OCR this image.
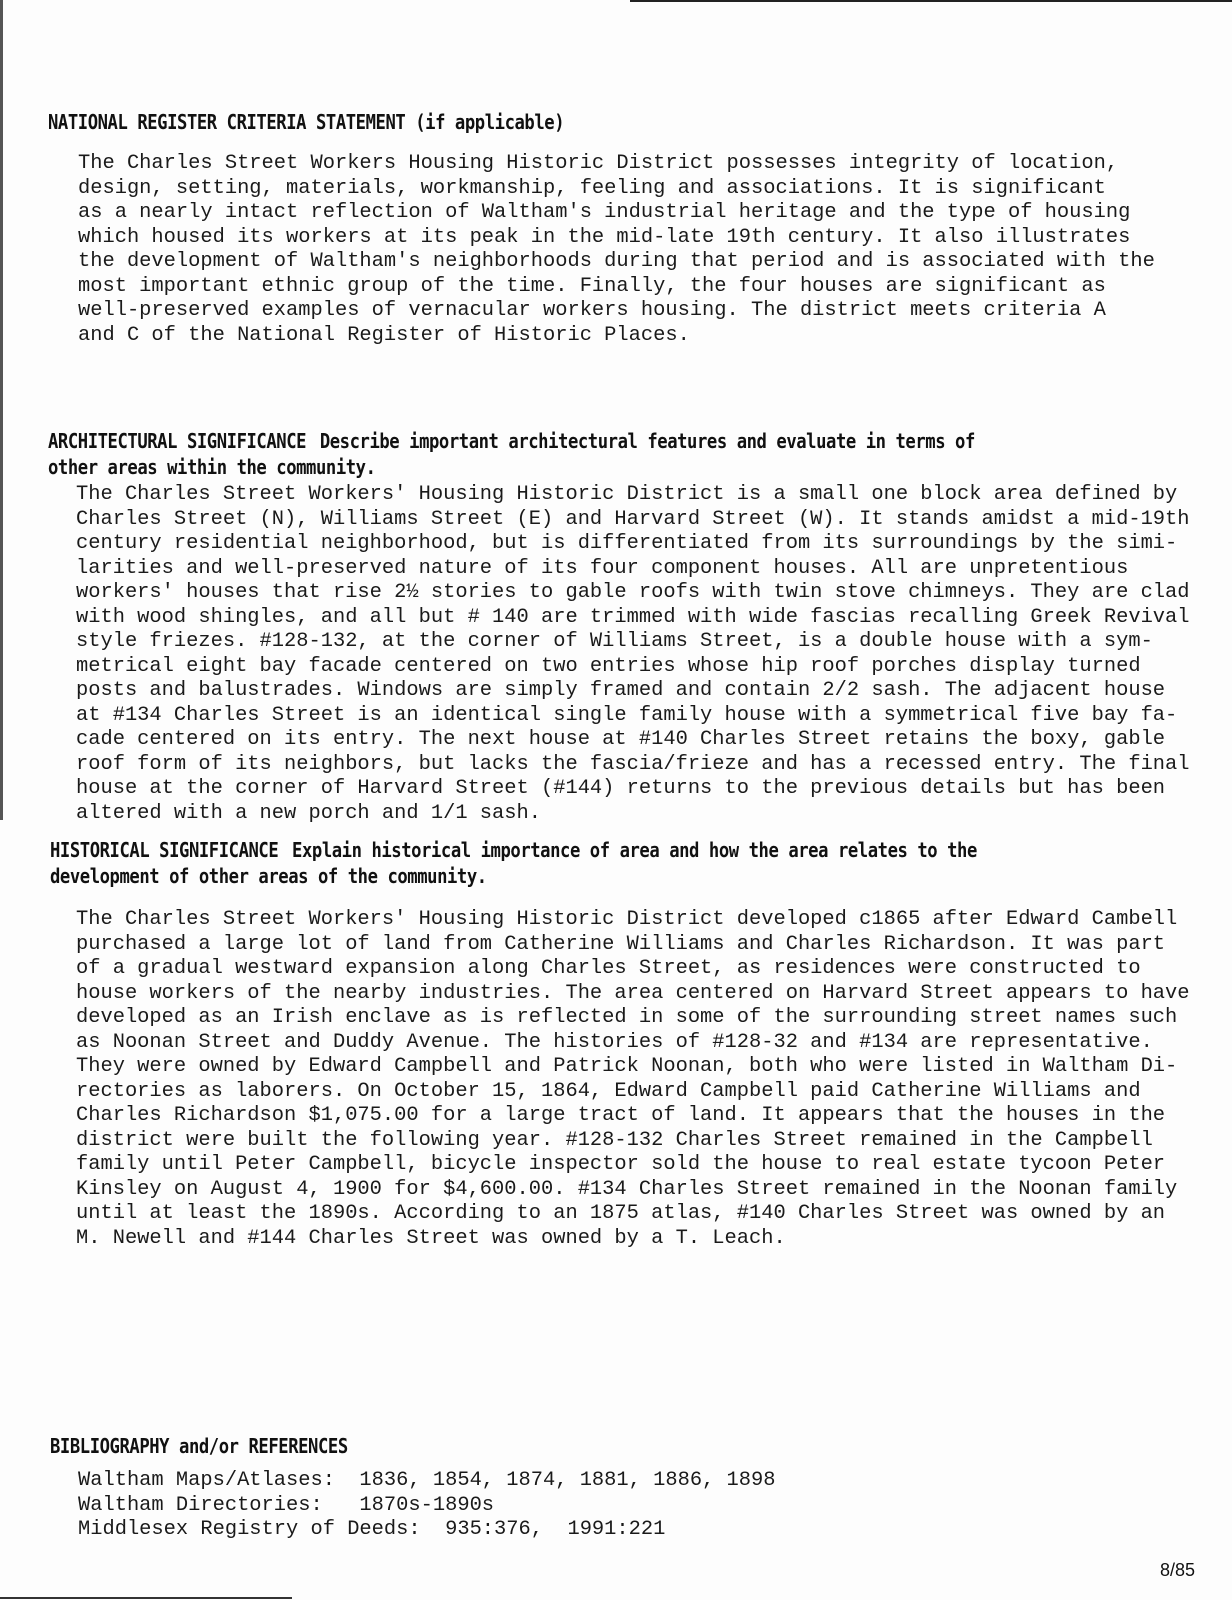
NATIONAL REGISTER CRITERIA STATEMENT (if applicable)
The Charles Street Workers Housing Historic District possesses integrity of location,
design, setting, materials, workmanship, feeling and associations. It is significant
as a nearly intact reflection of Waltham's industrial heritage and the type of housing
which housed its workers at its peak in the mid-late 19th century. It also illustrates
the development of Waltham's neighborhoods during that period and is associated with the
most important ethnic group of the time. Finally, the four houses are significant as
well-preserved examples of vernacular workers housing. The district meets criteria A
and C of the National Register of Historic Places.
ARCHITECTURAL SIGNIFICANCE Describe important architectural features and evaluate in terms of
other areas within the community.
The Charles Street Workers' Housing Historic District is a small one block area defined by
Charles Street (N), Williams Street (E) and Harvard Street (W). It stands amidst a mid-19th
century residential neighborhood, but is differentiated from its surroundings by the simi-
larities and well-preserved nature of its four component houses. All are unpretentious
workers' houses that rise 2½ stories to gable roofs with twin stove chimneys. They are clad
with wood shingles, and all but # 140 are trimmed with wide fascias recalling Greek Revival
style friezes. #128-132, at the corner of Williams Street, is a double house with a sym-
metrical eight bay facade centered on two entries whose hip roof porches display turned
posts and balustrades. Windows are simply framed and contain 2/2 sash. The adjacent house
at #134 Charles Street is an identical single family house with a symmetrical five bay fa-
cade centered on its entry. The next house at #140 Charles Street retains the boxy, gable
roof form of its neighbors, but lacks the fascia/frieze and has a recessed entry. The final
house at the corner of Harvard Street (#144) returns to the previous details but has been
altered with a new porch and 1/1 sash.
HISTORICAL SIGNIFICANCE Explain historical importance of area and how the area relates to the
development of other areas of the community.
The Charles Street Workers' Housing Historic District developed c1865 after Edward Cambell
purchased a large lot of land from Catherine Williams and Charles Richardson. It was part
of a gradual westward expansion along Charles Street, as residences were constructed to
house workers of the nearby industries. The area centered on Harvard Street appears to have
developed as an Irish enclave as is reflected in some of the surrounding street names such
as Noonan Street and Duddy Avenue. The histories of #128-32 and #134 are representative.
They were owned by Edward Campbell and Patrick Noonan, both who were listed in Waltham Di-
rectories as laborers. On October 15, 1864, Edward Campbell paid Catherine Williams and
Charles Richardson $1,075.00 for a large tract of land. It appears that the houses in the
district were built the following year. #128-132 Charles Street remained in the Campbell
family until Peter Campbell, bicycle inspector sold the house to real estate tycoon Peter
Kinsley on August 4, 1900 for $4,600.00. #134 Charles Street remained in the Noonan family
until at least the 1890s. According to an 1875 atlas, #140 Charles Street was owned by an
M. Newell and #144 Charles Street was owned by a T. Leach.
BIBLIOGRAPHY and/or REFERENCES
Waltham Maps/Atlases:  1836, 1854, 1874, 1881, 1886, 1898
Waltham Directories:   1870s-1890s
Middlesex Registry of Deeds:  935:376,  1991:221
8/85
